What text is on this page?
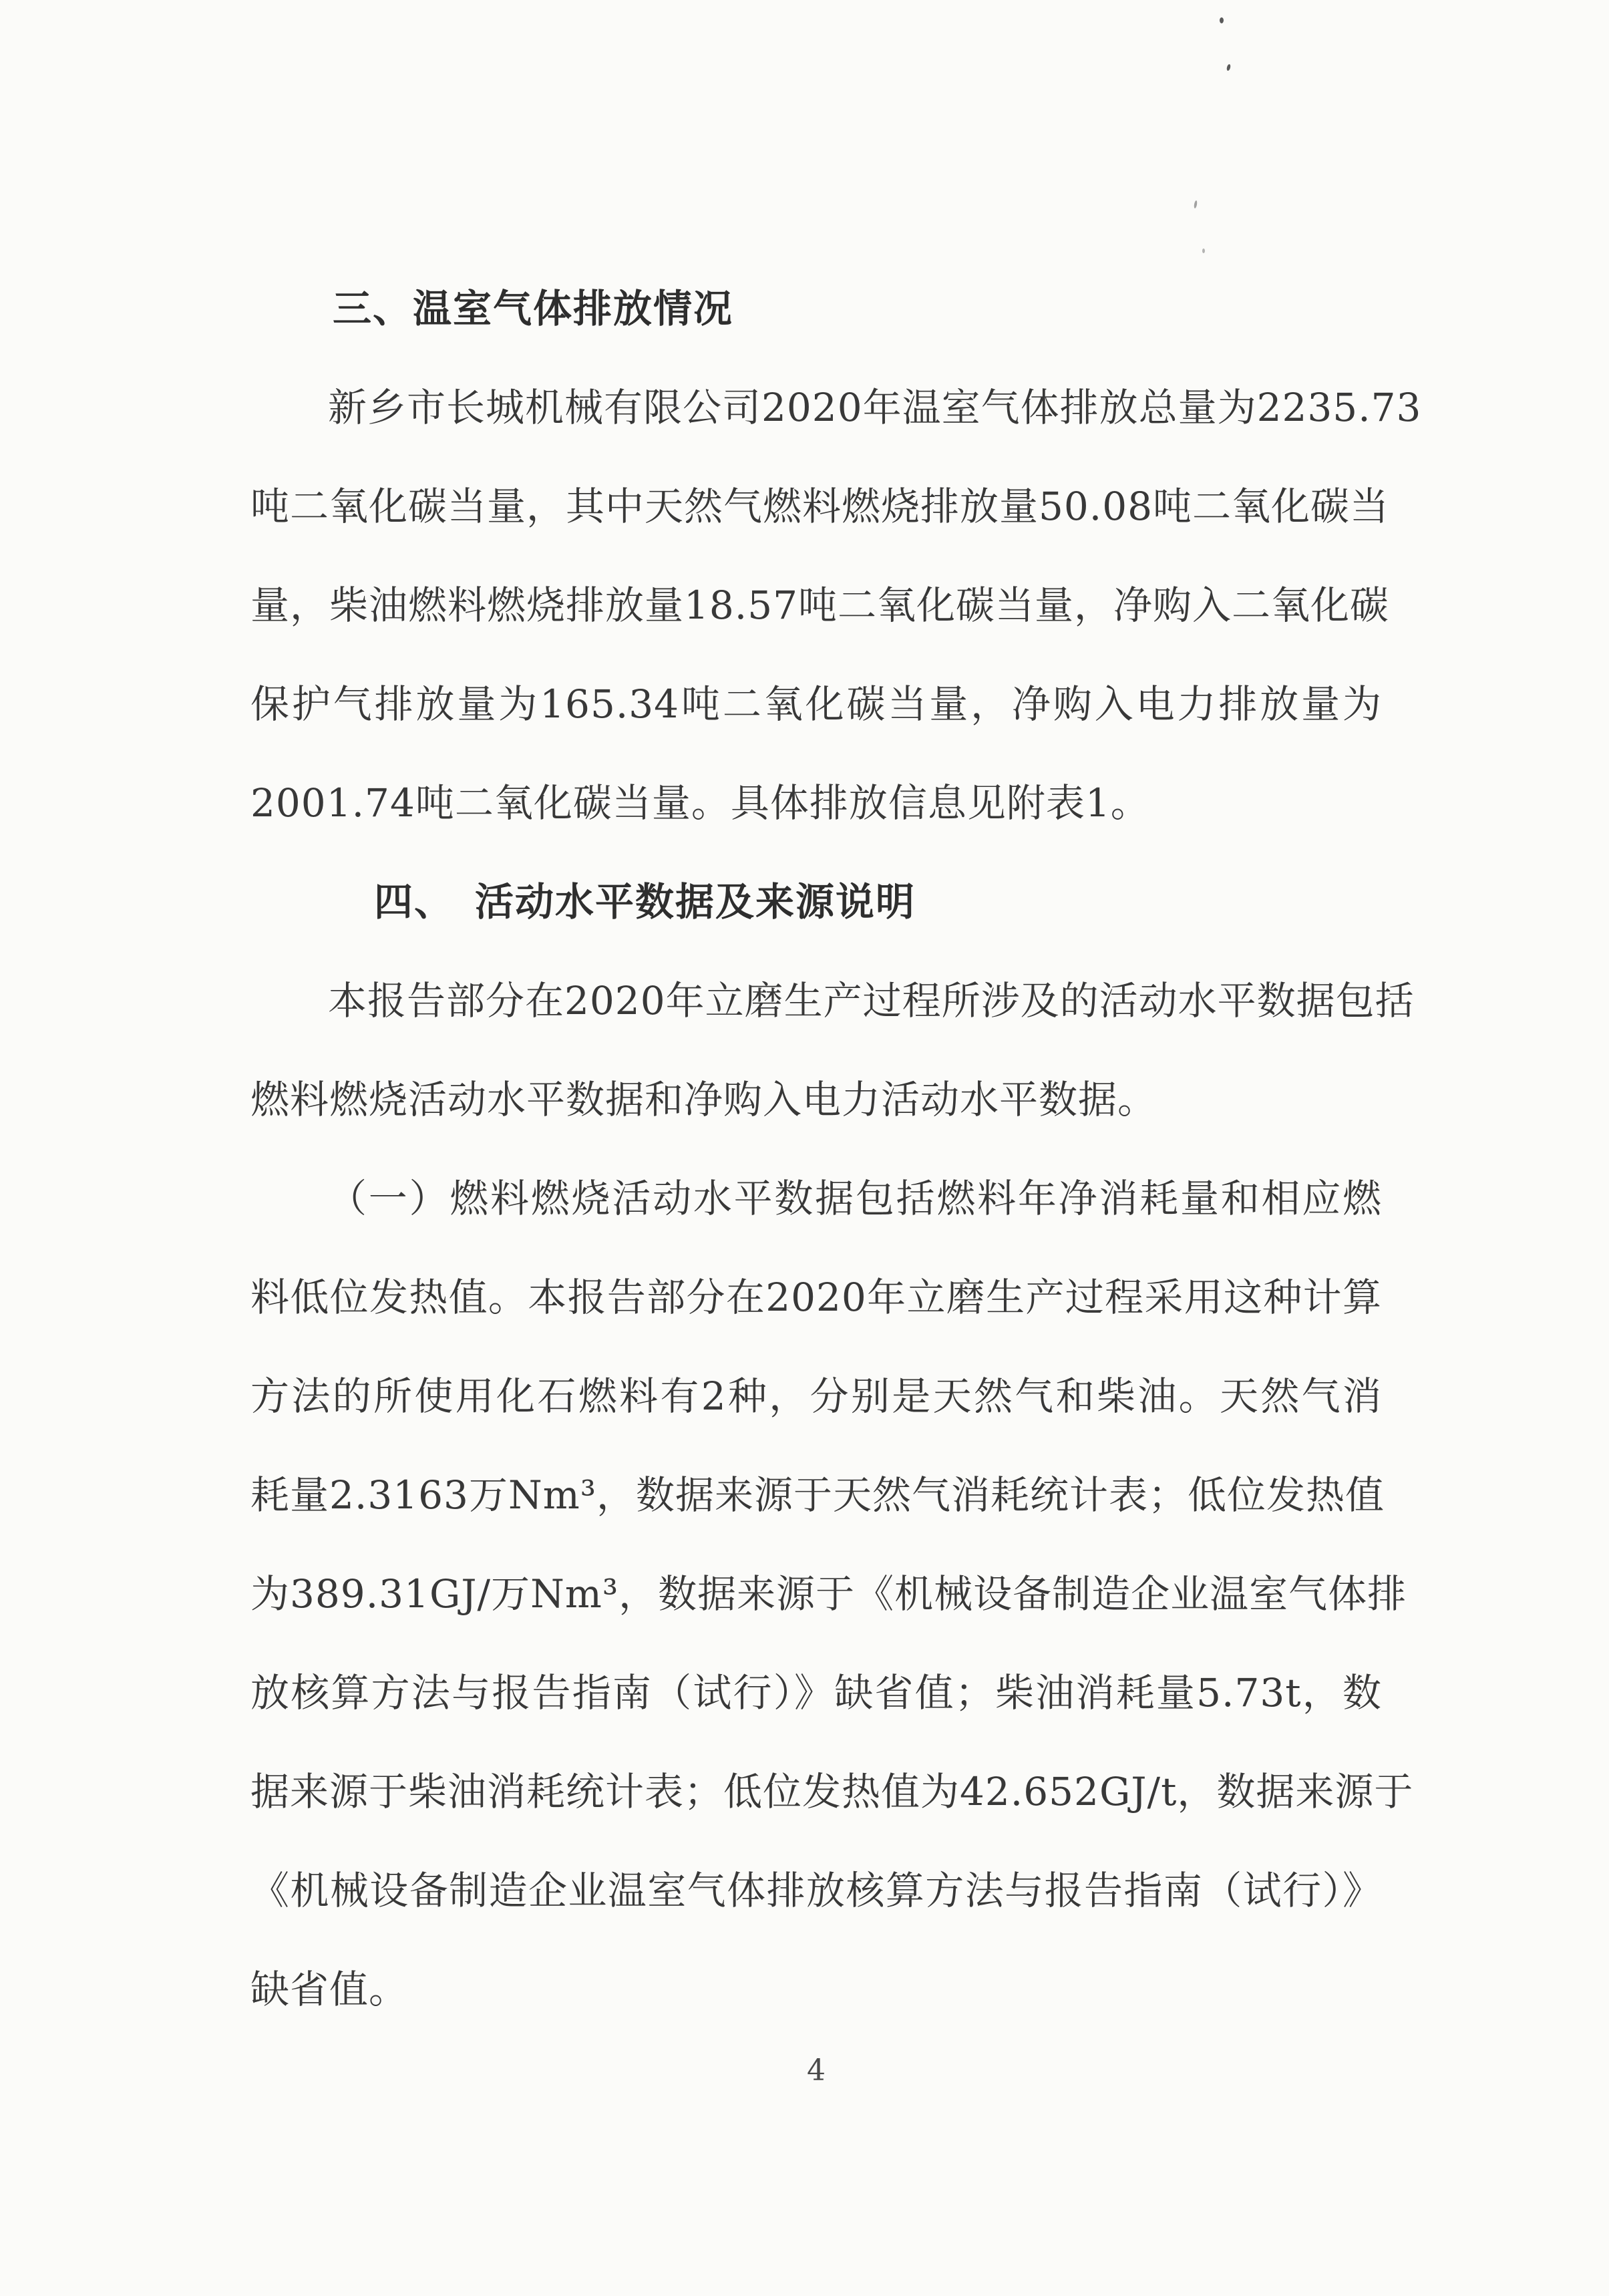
三、温室气体排放情况
新乡市长城机械有限公司2020年温室气体排放总量为2235.73
吨二氧化碳当量，其中天然气燃料燃烧排放量50.08吨二氧化碳当
量，柴油燃料燃烧排放量18.57吨二氧化碳当量，净购入二氧化碳
保护气排放量为165.34吨二氧化碳当量，净购入电力排放量为
2001.74吨二氧化碳当量。具体排放信息见附表1。
四、　活动水平数据及来源说明
本报告部分在2020年立磨生产过程所涉及的活动水平数据包括
燃料燃烧活动水平数据和净购入电力活动水平数据。
（一）燃料燃烧活动水平数据包括燃料年净消耗量和相应燃
料低位发热值。本报告部分在2020年立磨生产过程采用这种计算
方法的所使用化石燃料有2种，分别是天然气和柴油。天然气消
耗量2.3163万Nm³，数据来源于天然气消耗统计表；低位发热值
为389.31GJ/万Nm³，数据来源于《机械设备制造企业温室气体排
放核算方法与报告指南（试行）》缺省值；柴油消耗量5.73t，数
据来源于柴油消耗统计表；低位发热值为42.652GJ/t，数据来源于
《机械设备制造企业温室气体排放核算方法与报告指南（试行）》
缺省值。
4
